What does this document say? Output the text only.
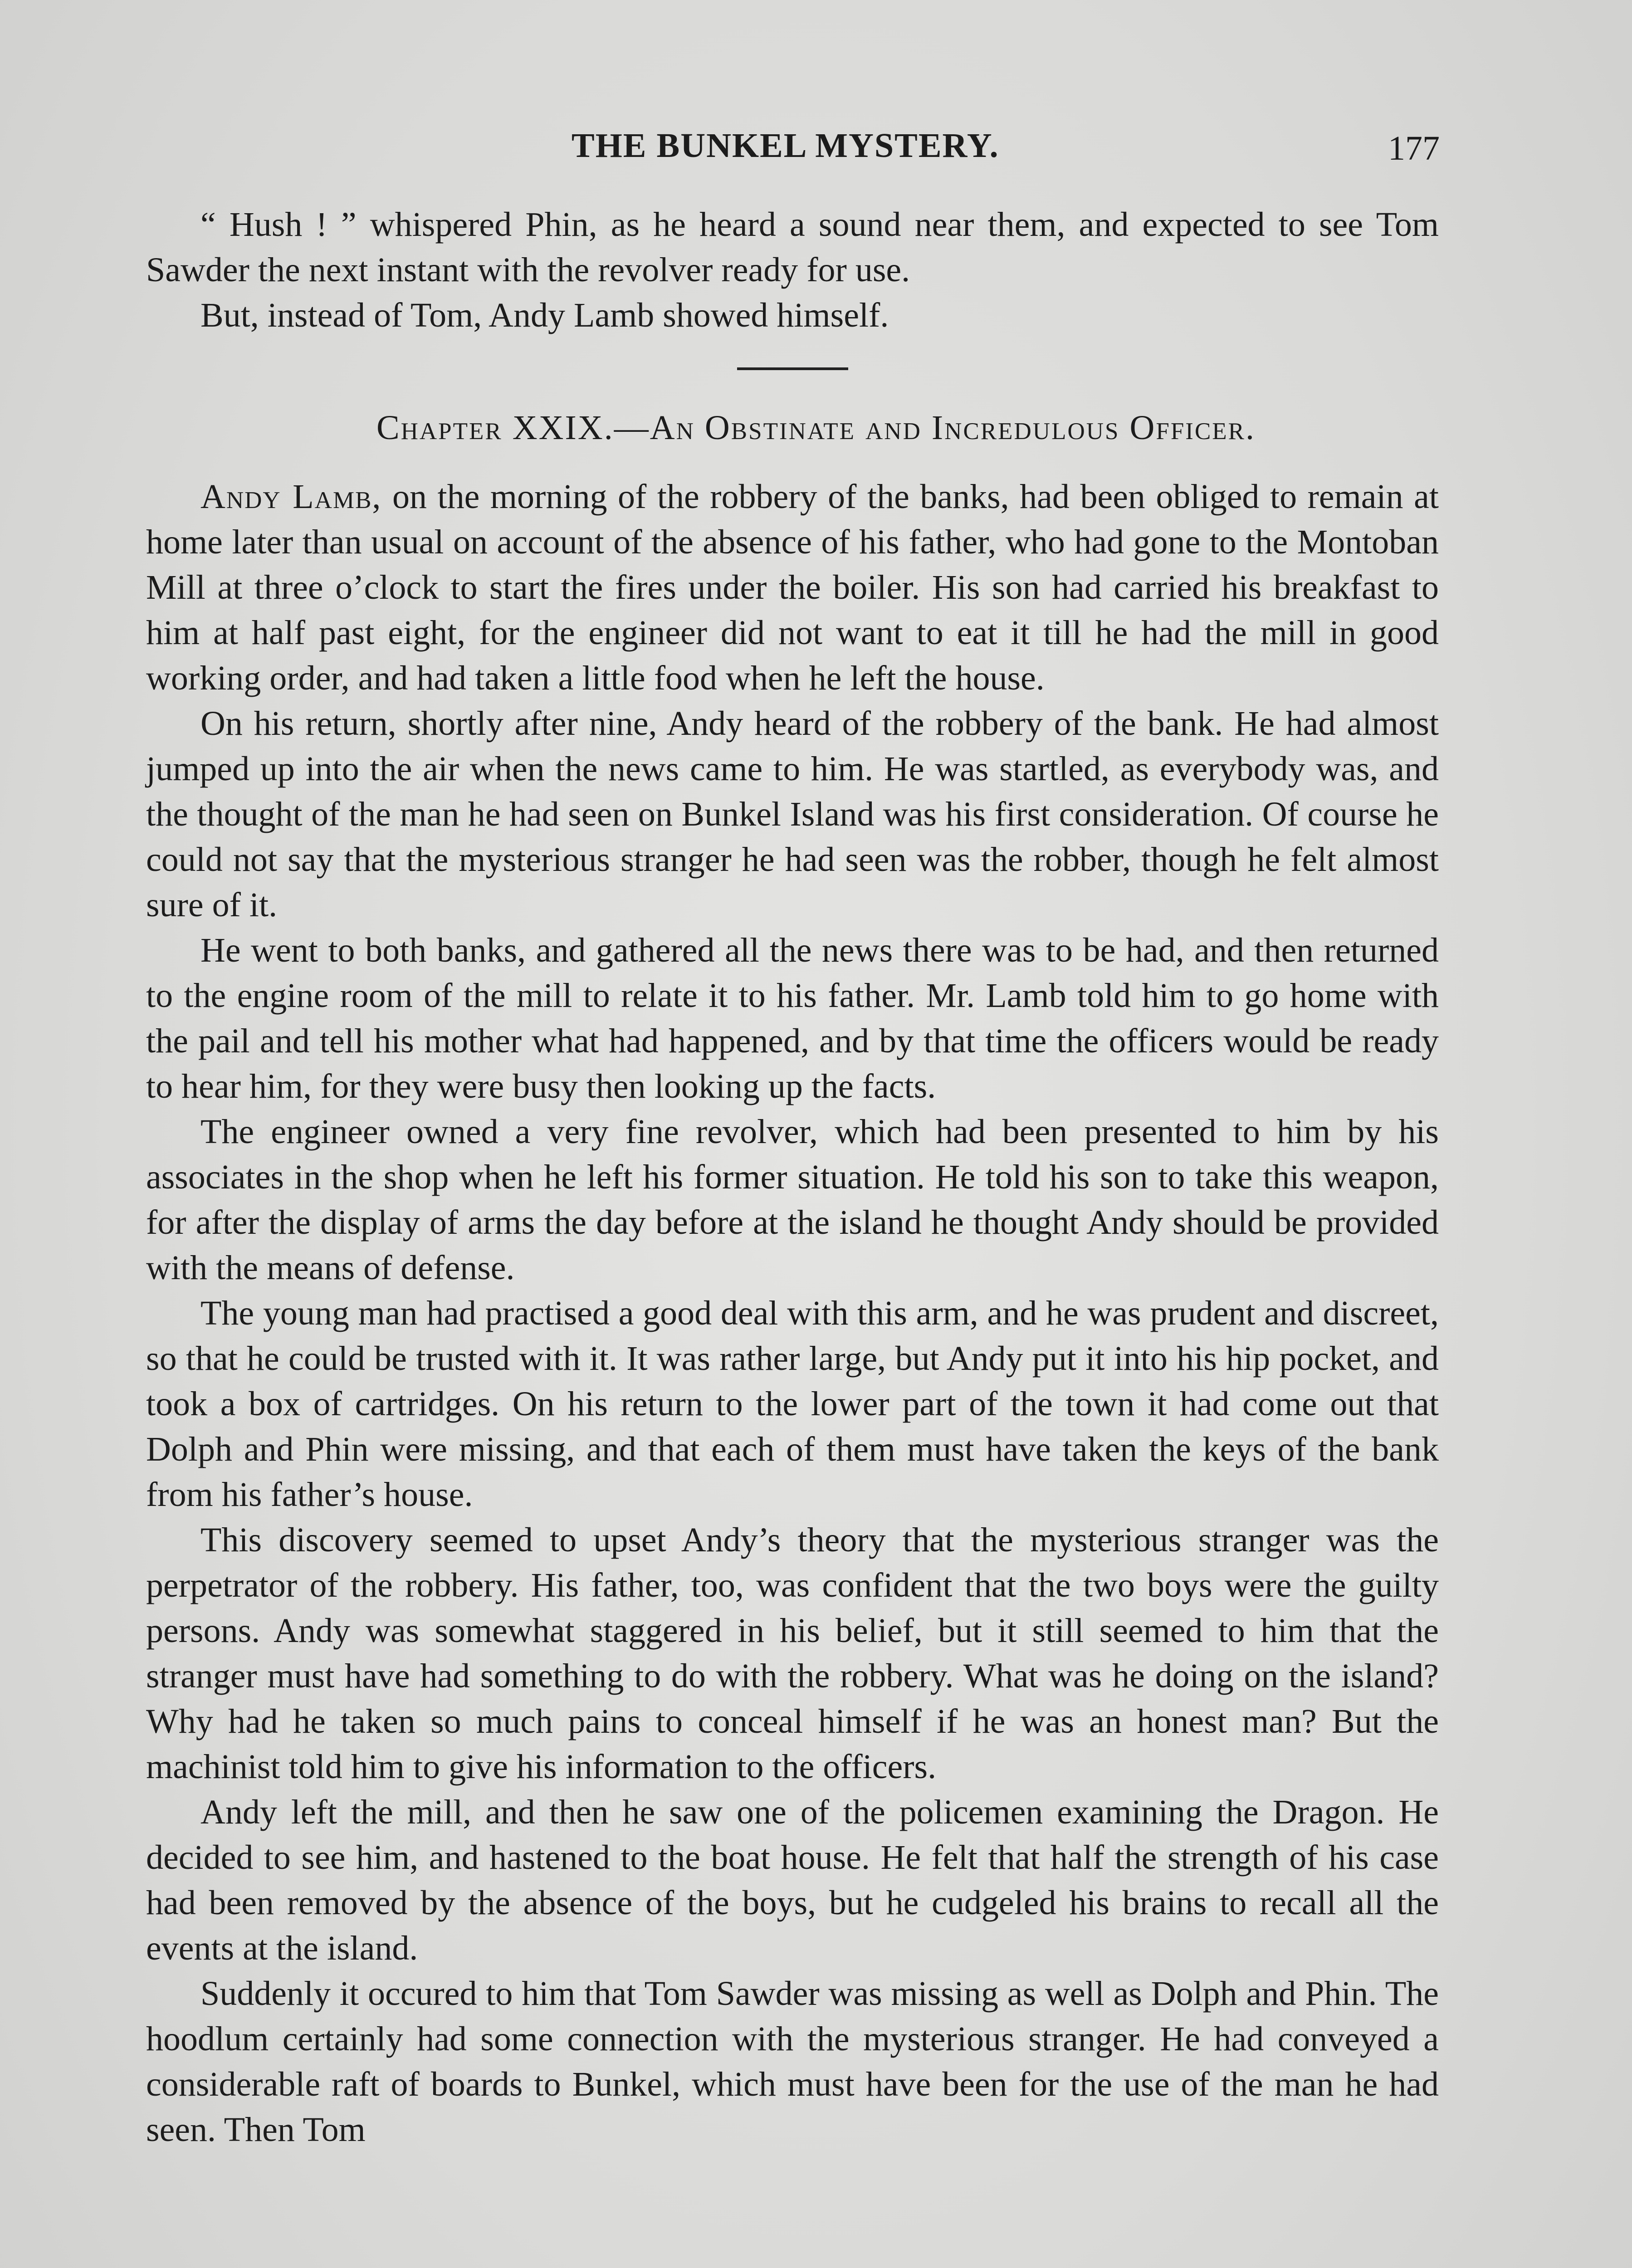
THE BUNKEL MYSTERY.	177

“ Hush ! ” whispered Phin, as he heard a sound near them, and expected to see Tom Sawder the next instant with the revolver ready for use.

But, instead of Tom, Andy Lamb showed himself.

Chapter XXIX.—An Obstinate and Incredulous Officer.

Andy Lamb, on the morning of the robbery of the banks, had been obliged to remain at home later than usual on account of the absence of his father, who had gone to the Montoban Mill at three o’clock to start the fires under the boiler. His son had carried his breakfast to him at half past eight, for the engineer did not want to eat it till he had the mill in good working order, and had taken a little food when he left the house.

On his return, shortly after nine, Andy heard of the robbery of the bank. He had almost jumped up into the air when the news came to him. He was startled, as everybody was, and the thought of the man he had seen on Bunkel Island was his first consideration. Of course he could not say that the mysterious stranger he had seen was the robber, though he felt almost sure of it.

He went to both banks, and gathered all the news there was to be had, and then returned to the engine room of the mill to relate it to his father. Mr. Lamb told him to go home with the pail and tell his mother what had happened, and by that time the officers would be ready to hear him, for they were busy then looking up the facts.

The engineer owned a very fine revolver, which had been presented to him by his associates in the shop when he left his former situation. He told his son to take this weapon, for after the display of arms the day before at the island he thought Andy should be provided with the means of defense.

The young man had practised a good deal with this arm, and he was prudent and discreet, so that he could be trusted with it. It was rather large, but Andy put it into his hip pocket, and took a box of cartridges. On his return to the lower part of the town it had come out that Dolph and Phin were missing, and that each of them must have taken the keys of the bank from his father’s house.

This discovery seemed to upset Andy’s theory that the mysterious stranger was the perpetrator of the robbery. His father, too, was confident that the two boys were the guilty persons. Andy was somewhat staggered in his belief, but it still seemed to him that the stranger must have had something to do with the robbery. What was he doing on the island? Why had he taken so much pains to conceal himself if he was an honest man? But the machinist told him to give his information to the officers.

Andy left the mill, and then he saw one of the policemen examining the Dragon. He decided to see him, and hastened to the boat house. He felt that half the strength of his case had been removed by the absence of the boys, but he cudgeled his brains to recall all the events at the island.

Suddenly it occured to him that Tom Sawder was missing as well as Dolph and Phin. The hoodlum certainly had some connection with the mysterious stranger. He had conveyed a considerable raft of boards to Bunkel, which must have been for the use of the man he had seen. Then Tom
